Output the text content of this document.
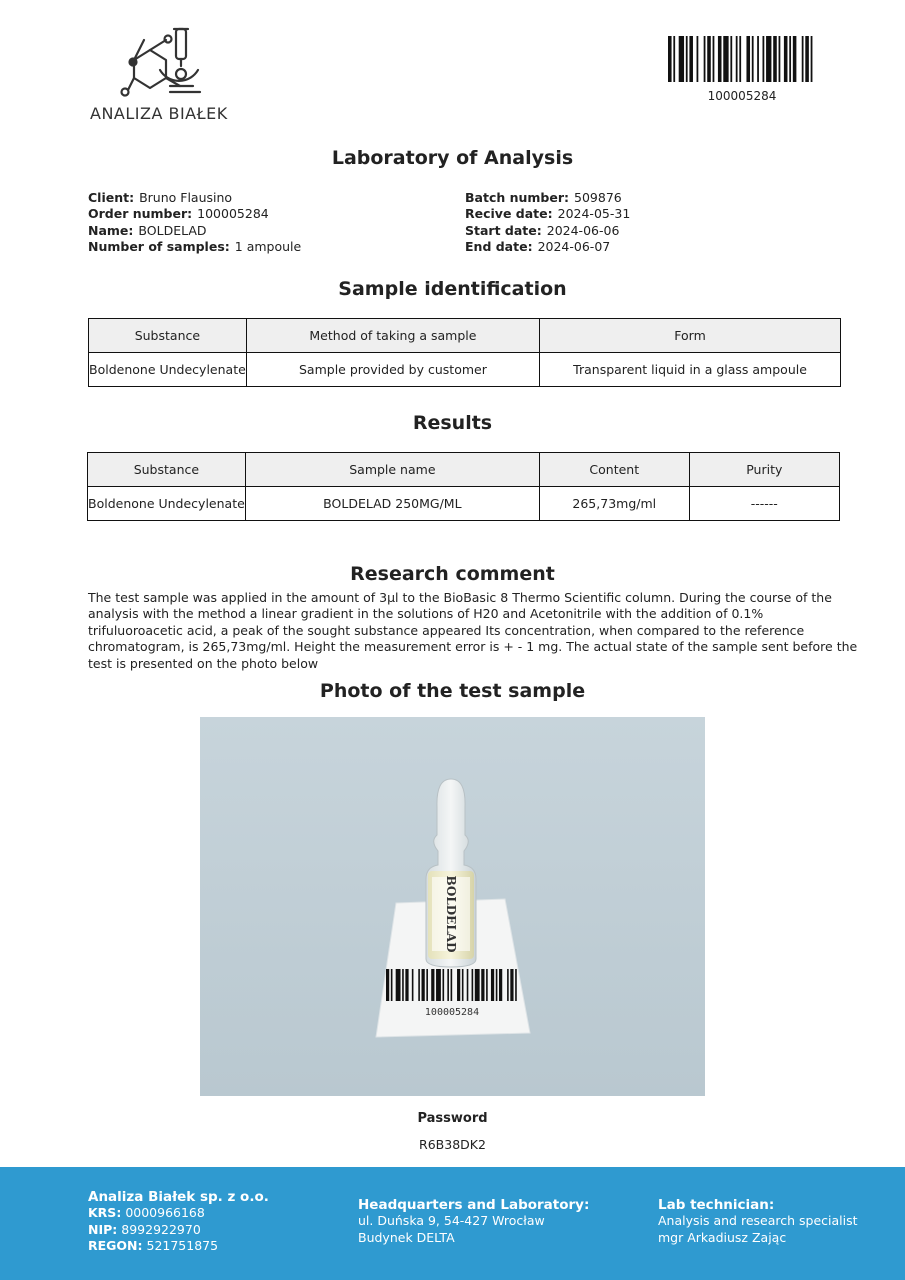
ANALIZA BIAŁEK
100005284
Laboratory of Analysis
Client: Bruno Flausino
Order number: 100005284
Name: BOLDELAD
Number of samples: 1 ampoule
Batch number: 509876
Recive date: 2024-05-31
Start date: 2024-06-06
End date: 2024-06-07
Sample identification
Substance	Method of taking a sample	Form
Boldenone Undecylenate	Sample provided by customer	Transparent liquid in a glass ampoule
Results
Substance	Sample name	Content	Purity
Boldenone Undecylenate	BOLDELAD 250MG/ML	265,73mg/ml	------
Research comment
The test sample was applied in the amount of 3µl to the BioBasic 8 Thermo Scientific column. During the course of the analysis with the method a linear gradient in the solutions of H20 and Acetonitrile with the addition of 0.1% trifuluoroacetic acid, a peak of the sought substance appeared Its concentration, when compared to the reference chromatogram, is 265,73mg/ml. Height the measurement error is + - 1 mg. The actual state of the sample sent before the test is presented on the photo below
Photo of the test sample
BOLDELAD
100005284
Password
R6B38DK2
Analiza Białek sp. z o.o.
KRS: 0000966168
NIP: 8992922970
REGON: 521751875
Headquarters and Laboratory:
ul. Duńska 9, 54-427 Wrocław
Budynek DELTA
Lab technician:
Analysis and research specialist
mgr Arkadiusz Zając
